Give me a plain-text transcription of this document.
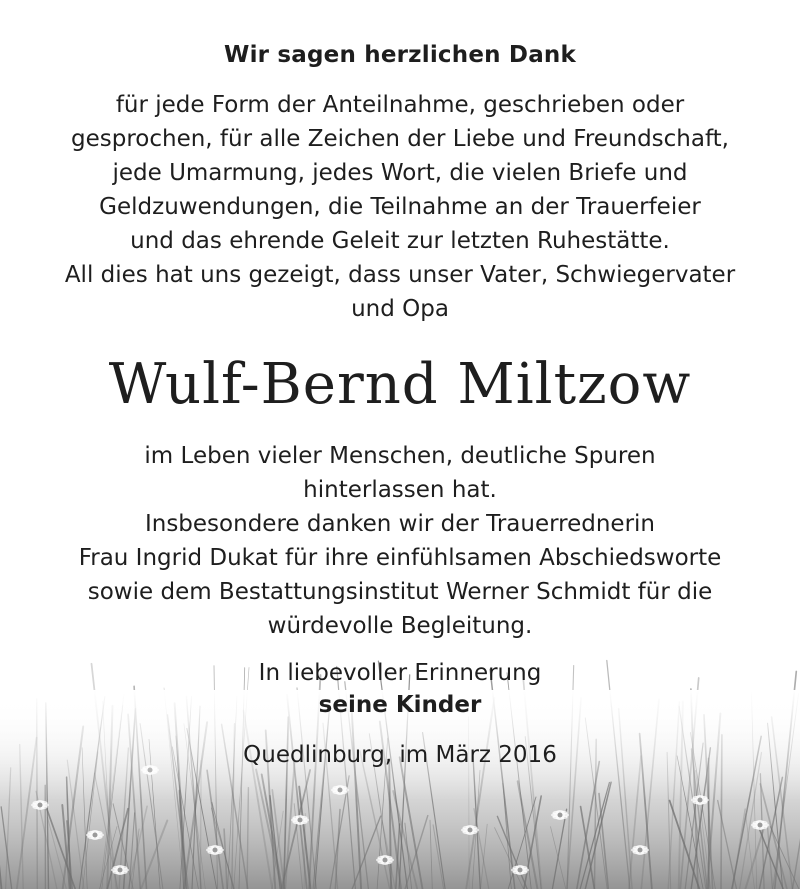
Wir sagen herzlichen Dank
für jede Form der Anteilnahme, geschrieben oder
gesprochen, für alle Zeichen der Liebe und Freundschaft,
jede Umarmung, jedes Wort, die vielen Briefe und
Geldzuwendungen, die Teilnahme an der Trauerfeier
und das ehrende Geleit zur letzten Ruhestätte.
All dies hat uns gezeigt, dass unser Vater, Schwiegervater
und Opa
Wulf-Bernd Miltzow
im Leben vieler Menschen, deutliche Spuren
hinterlassen hat.
Insbesondere danken wir der Trauerrednerin
Frau Ingrid Dukat für ihre einfühlsamen Abschiedsworte
sowie dem Bestattungsinstitut Werner Schmidt für die
würdevolle Begleitung.
In liebevoller Erinnerung
seine Kinder
Quedlinburg, im März 2016
